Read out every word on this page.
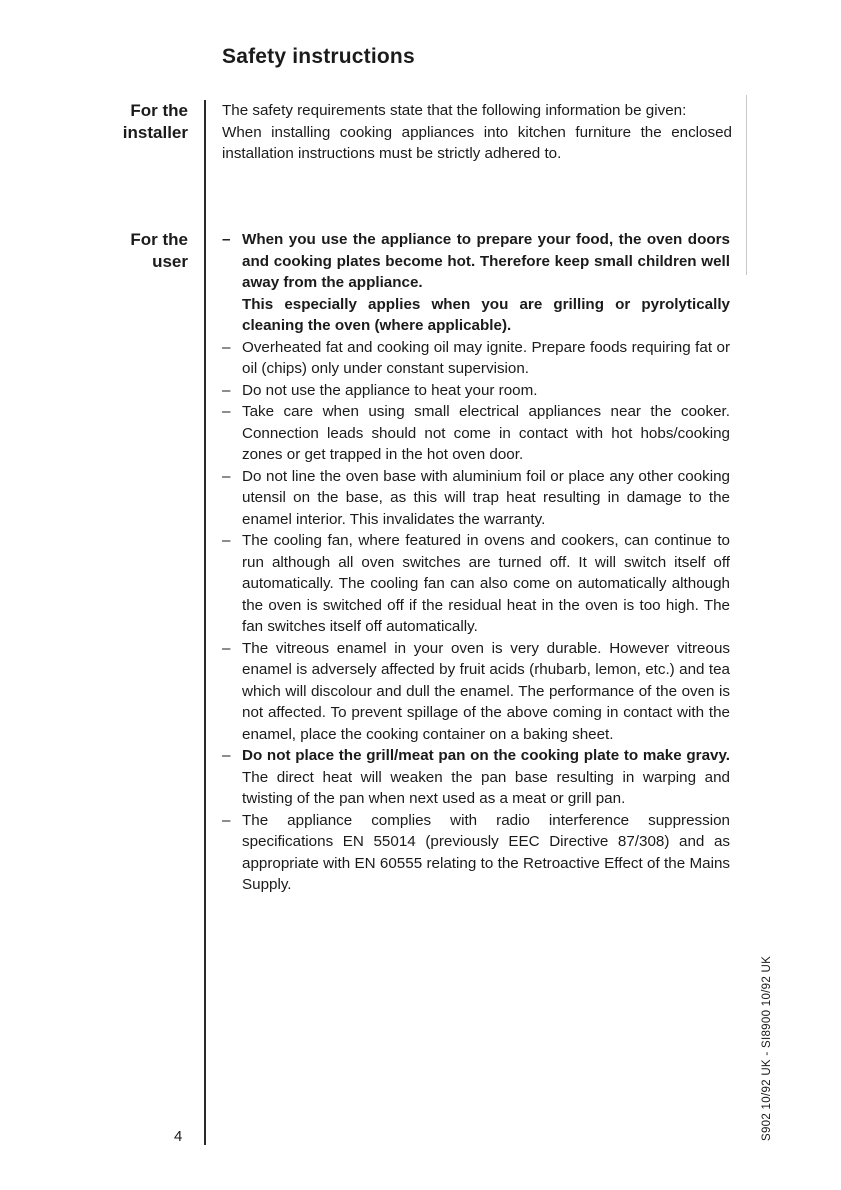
Safety instructions
For the
installer
For the
user

The safety requirements state that the following information be given:

When installing cooking appliances into kitchen furniture the enclosed installation instructions must be strictly adhered to.

– When you use the appliance to prepare your food, the oven doors and cooking plates become hot. Therefore keep small children well away from the appliance.
This especially applies when you are grilling or pyrolytically cleaning the oven (where applicable).
– Overheated fat and cooking oil may ignite. Prepare foods requiring fat or oil (chips) only under constant supervision.
– Do not use the appliance to heat your room.
– Take care when using small electrical appliances near the cooker. Connection leads should not come in contact with hot hobs/cooking zones or get trapped in the hot oven door.
– Do not line the oven base with aluminium foil or place any other cooking utensil on the base, as this will trap heat resulting in damage to the enamel interior. This invalidates the warranty.
– The cooling fan, where featured in ovens and cookers, can continue to run although all oven switches are turned off. It will switch itself off automatically. The cooling fan can also come on automatically although the oven is switched off if the residual heat in the oven is too high. The fan switches itself off automatically.
– The vitreous enamel in your oven is very durable. However vitreous enamel is adversely affected by fruit acids (rhubarb, lemon, etc.) and tea which will discolour and dull the enamel. The performance of the oven is not affected. To prevent spillage of the above coming in contact with the enamel, place the cooking container on a baking sheet.
– Do not place the grill/meat pan on the cooking plate to make gravy. The direct heat will weaken the pan base resulting in warping and twisting of the pan when next used as a meat or grill pan.
– The appliance complies with radio interference suppression specifications EN 55014 (previously EEC Directive 87/308) and as appropriate with EN 60555 relating to the Retroactive Effect of the Mains Supply.
4	S902 10/92 UK - SI8900 10/92 UK
